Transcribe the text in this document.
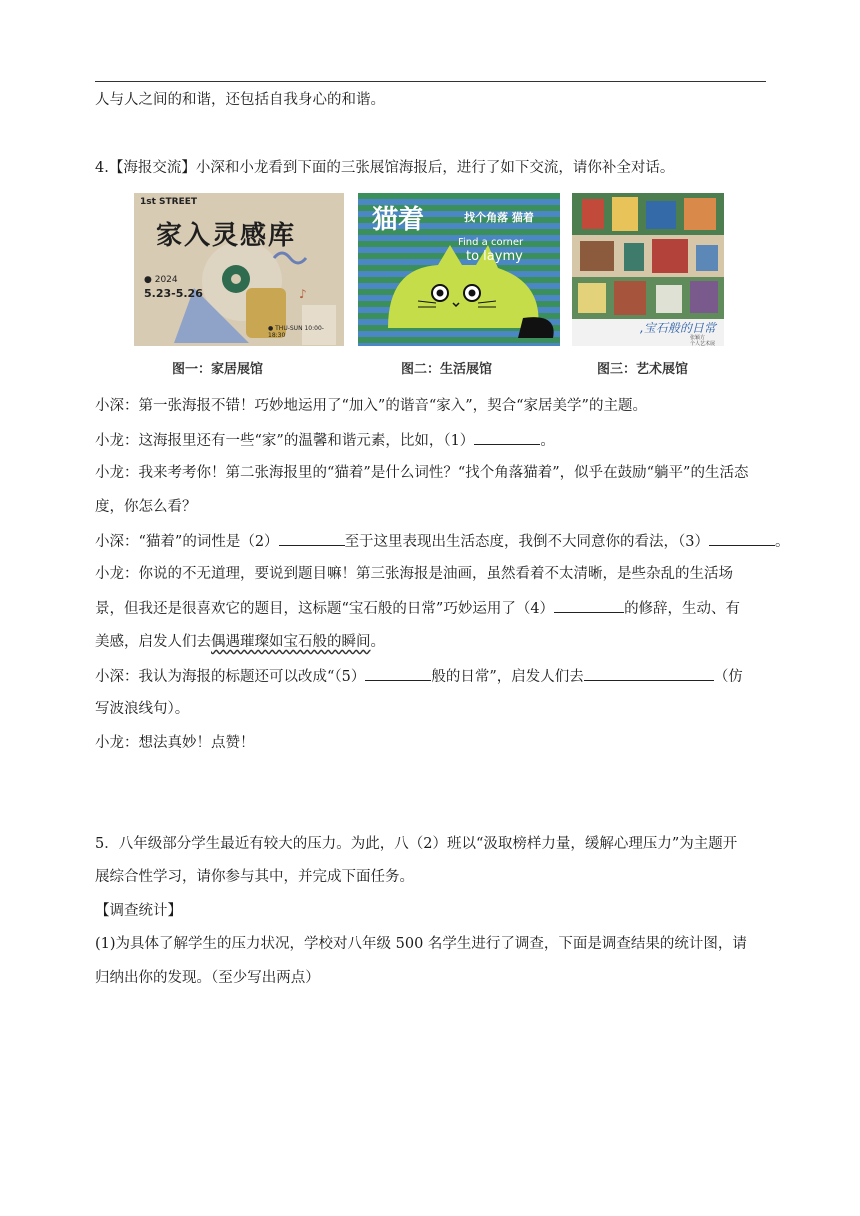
人与人之间的和谐，还包括自我身心的和谐。
4.【海报交流】小深和小龙看到下面的三张展馆海报后，进行了如下交流，请你补全对话。
♪
1st STREET
家入灵感库
● 2024
5.23-5.26
● THU-SUN 10:00-18:30
猫着	找个角落 猫着
Find a corner
to laymy
,宝石般的日常
张颖方
个人艺术展
图一：家居展馆	图二：生活展馆	图三：艺术展馆
小深：第一张海报不错！巧妙地运用了“加入”的谐音“家入”，契合“家居美学”的主题。
小龙：这海报里还有一些“家”的温馨和谐元素，比如，（1）	。
小龙：我来考考你！第二张海报里的“猫着”是什么词性？“找个角落猫着”，似乎在鼓励“躺平”的生活态
度，你怎么看？
小深：“猫着”的词性是（2）	至于这里表现出生活态度，我倒不大同意你的看法，（3）	。
小龙：你说的不无道理，要说到题目嘛！第三张海报是油画，虽然看着不太清晰，是些杂乱的生活场
景，但我还是很喜欢它的题目，这标题“宝石般的日常”巧妙运用了（4）	的修辞，生动、有
美感，启发人们去偶遇璀璨如宝石般的瞬间。
小深：我认为海报的标题还可以改成“（5）	般的日常”，启发人们去	（仿
写波浪线句）。
小龙：想法真妙！点赞！
5．八年级部分学生最近有较大的压力。为此，八（2）班以“汲取榜样力量，缓解心理压力”为主题开
展综合性学习，请你参与其中，并完成下面任务。
【调查统计】
(1)为具体了解学生的压力状况，学校对八年级 500 名学生进行了调查，下面是调查结果的统计图，请
归纳出你的发现。（至少写出两点）
